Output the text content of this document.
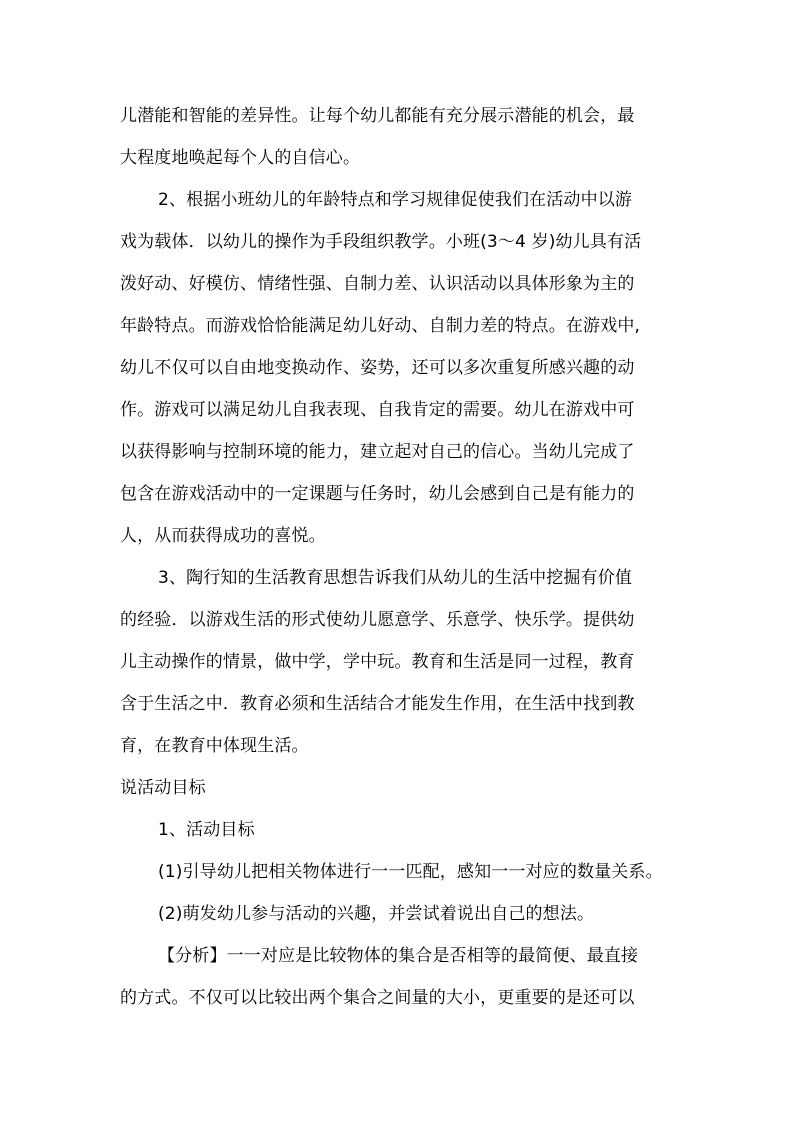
儿潜能和智能的差异性。让每个幼儿都能有充分展示潜能的机会，最
大程度地唤起每个人的自信心。
2、根据小班幼儿的年龄特点和学习规律促使我们在活动中以游
戏为载体．以幼儿的操作为手段组织教学。小班(3～4 岁)幼儿具有活
泼好动、好模仿、情绪性强、自制力差、认识活动以具体形象为主的
年龄特点。而游戏恰恰能满足幼儿好动、自制力差的特点。在游戏中,
幼儿不仅可以自由地变换动作、姿势，还可以多次重复所感兴趣的动
作。游戏可以满足幼儿自我表现、自我肯定的需要。幼儿在游戏中可
以获得影响与控制环境的能力，建立起对自己的信心。当幼儿完成了
包含在游戏活动中的一定课题与任务时，幼儿会感到自己是有能力的
人，从而获得成功的喜悦。
3、陶行知的生活教育思想告诉我们从幼儿的生活中挖掘有价值
的经验．以游戏生活的形式使幼儿愿意学、乐意学、快乐学。提供幼
儿主动操作的情景，做中学，学中玩。教育和生活是同一过程，教育
含于生活之中．教育必须和生活结合才能发生作用，在生活中找到教
育，在教育中体现生活。
说活动目标
1、活动目标
(1)引导幼儿把相关物体进行一一匹配，感知一一对应的数量关系。
(2)萌发幼儿参与活动的兴趣，并尝试着说出自己的想法。
【分析】一一对应是比较物体的集合是否相等的最简便、最直接
的方式。不仅可以比较出两个集合之间量的大小，更重要的是还可以
